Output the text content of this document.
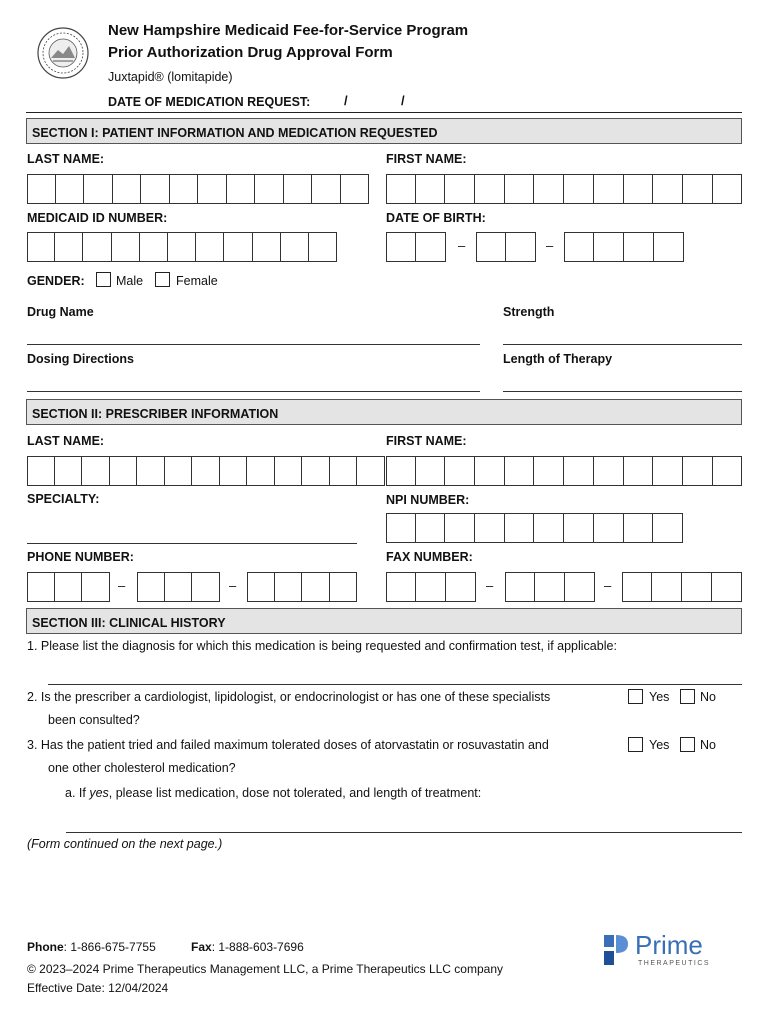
New Hampshire Medicaid Fee-for-Service Program
Prior Authorization Drug Approval Form
Juxtapid® (lomitapide)
DATE OF MEDICATION REQUEST:	/	/
SECTION I: PATIENT INFORMATION AND MEDICATION REQUESTED
LAST NAME:	FIRST NAME:
MEDICAID ID NUMBER:	DATE OF BIRTH:
–	–
GENDER:	Male	Female
Drug Name	Strength
Dosing Directions	Length of Therapy
SECTION II: PRESCRIBER INFORMATION
LAST NAME:	FIRST NAME:
SPECIALTY:	NPI NUMBER:
PHONE NUMBER:	FAX NUMBER:
–	–	–	–
SECTION III: CLINICAL HISTORY
1. Please list the diagnosis for which this medication is being requested and confirmation test, if applicable:
2. Is the prescriber a cardiologist, lipidologist, or endocrinologist or has one of these specialists
been consulted?
Yes No
3. Has the patient tried and failed maximum tolerated doses of atorvastatin or rosuvastatin and
one other cholesterol medication?
Yes No
a. If yes, please list medication, dose not tolerated, and length of treatment:
(Form continued on the next page.)
Phone: 1-866-675-7755	Fax: 1-888-603-7696
© 2023–2024 Prime Therapeutics Management LLC, a Prime Therapeutics LLC company
Effective Date: 12/04/2024
Prime
THERAPEUTICS
